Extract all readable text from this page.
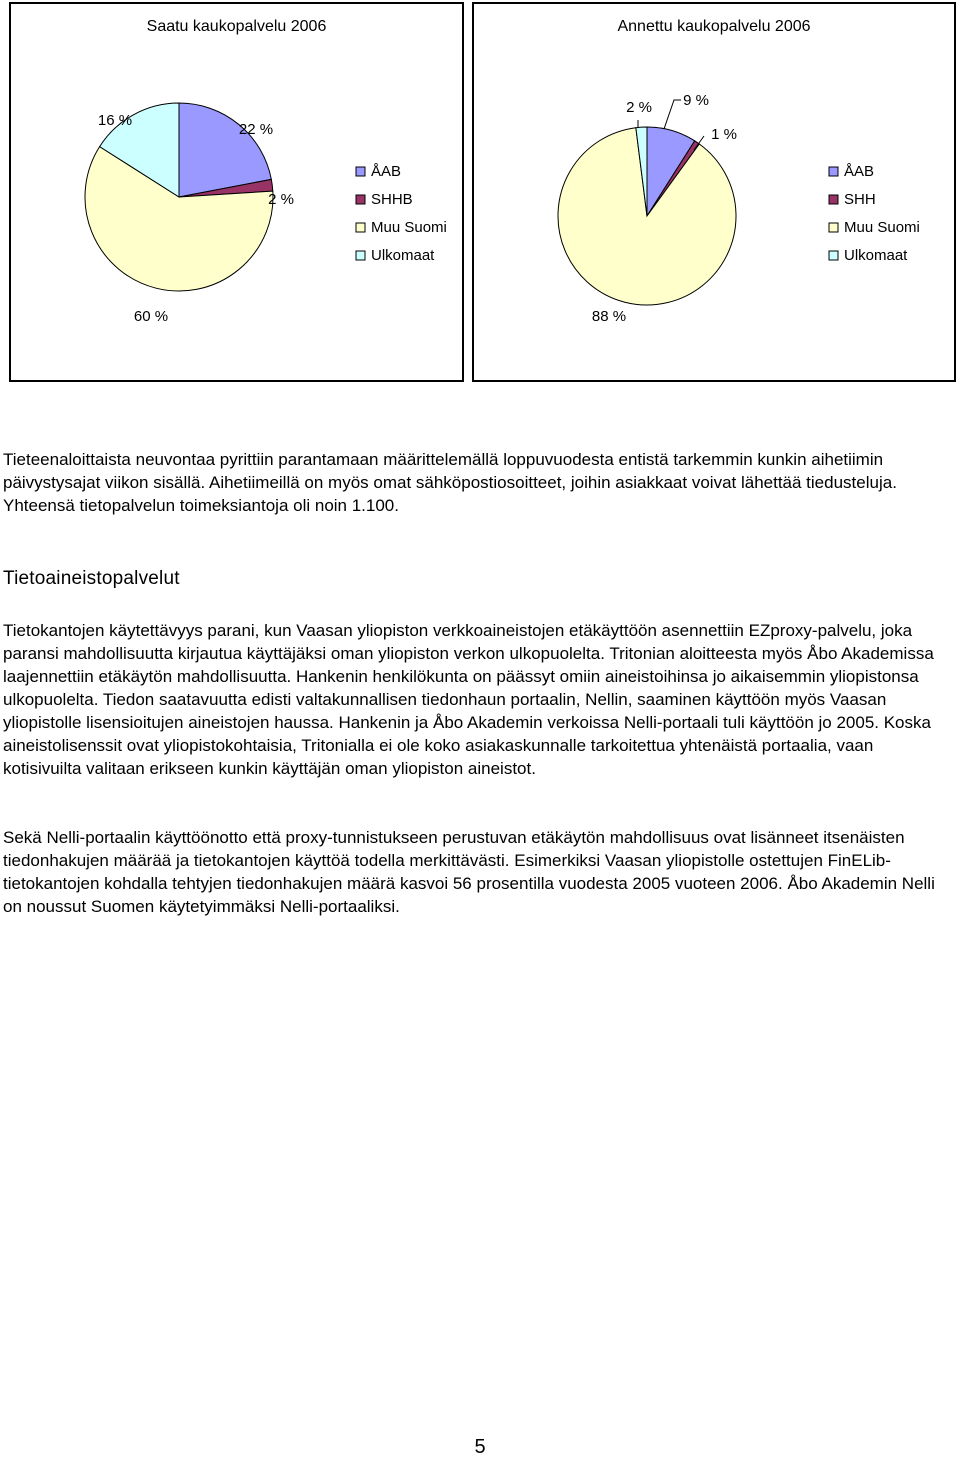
Saatu kaukopalvelu 2006
22 %
2 %
60 %
16 %
ÅAB
SHHB
Muu Suomi
Ulkomaat
Annettu kaukopalvelu 2006
9 %
1 %
88 %
2 %
ÅAB
SHH
Muu Suomi
Ulkomaat

Tieteenaloittaista neuvontaa pyrittiin parantamaan määrittelemällä loppuvuodesta entistä tarkemmin kunkin aihetiimin päivystysajat viikon sisällä. Aihetiimeillä on myös omat sähköpostiosoitteet, joihin asiakkaat voivat lähettää tiedusteluja. Yhteensä tietopalvelun toimeksiantoja oli noin 1.100.

Tietoaineistopalvelut

Tietokantojen käytettävyys parani, kun Vaasan yliopiston verkkoaineistojen etäkäyttöön asennettiin EZproxy-palvelu, joka paransi mahdollisuutta kirjautua käyttäjäksi oman yliopiston verkon ulkopuolelta. Tritonian aloitteesta myös Åbo Akademissa laajennettiin etäkäytön mahdollisuutta. Hankenin henkilökunta on päässyt omiin aineistoihinsa jo aikaisemmin yliopistonsa ulkopuolelta. Tiedon saatavuutta edisti valtakunnallisen tiedonhaun portaalin, Nellin, saaminen käyttöön myös Vaasan yliopistolle lisensioitujen aineistojen haussa. Hankenin ja Åbo Akademin verkoissa Nelli-portaali tuli käyttöön jo 2005. Koska aineistolisenssit ovat yliopistokohtaisia, Tritonialla ei ole koko asiakaskunnalle tarkoitettua yhtenäistä portaalia, vaan kotisivuilta valitaan erikseen kunkin käyttäjän oman yliopiston aineistot.

Sekä Nelli-portaalin käyttöönotto että proxy-tunnistukseen perustuvan etäkäytön mahdollisuus ovat lisänneet itsenäisten tiedonhakujen määrää ja tietokantojen käyttöä todella merkittävästi. Esimerkiksi Vaasan yliopistolle ostettujen FinELib-tietokantojen kohdalla tehtyjen tiedonhakujen määrä kasvoi 56 prosentilla vuodesta 2005 vuoteen 2006. Åbo Akademin Nelli on noussut Suomen käytetyimmäksi Nelli-portaaliksi.

5
